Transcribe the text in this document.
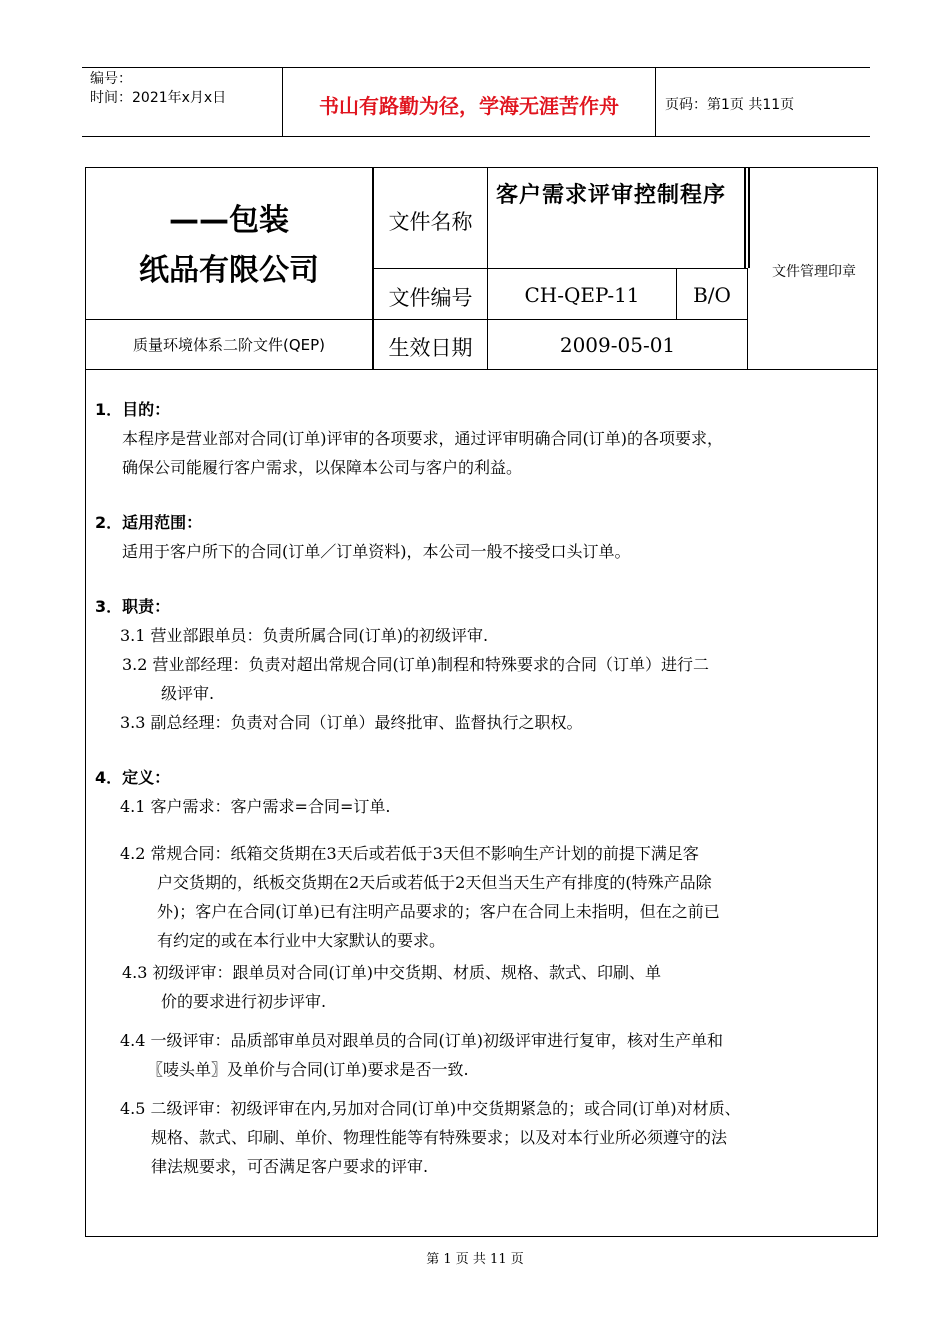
编号：
时间：2021年x月x日	书山有路勤为径，学海无涯苦作舟	页码：第1页 共11页
——包装
纸品有限公司
质量环境体系二阶文件(QEP)
文件名称
客户需求评审控制程序
文件编号	CH-QEP-11	B/O
生效日期	2009-05-01
文件管理印章

1．目的：

本程序是营业部对合同(订单)评审的各项要求，通过评审明确合同(订单)的各项要求，

确保公司能履行客户需求，以保障本公司与客户的利益。

2．适用范围：

适用于客户所下的合同(订单／订单资料)，本公司一般不接受口头订单。

3．职责：

3.1 营业部跟单员：负责所属合同(订单)的初级评审.

3.2 营业部经理：负责对超出常规合同(订单)制程和特殊要求的合同（订单）进行二

级评审.

3.3 副总经理：负责对合同（订单）最终批审、监督执行之职权。

4．定义：

4.1 客户需求：客户需求=合同=订单.

4.2 常规合同：纸箱交货期在3天后或若低于3天但不影响生产计划的前提下满足客

户交货期的，纸板交货期在2天后或若低于2天但当天生产有排度的(特殊产品除

外)；客户在合同(订单)已有注明产品要求的；客户在合同上未指明，但在之前已

有约定的或在本行业中大家默认的要求。

4.3 初级评审：跟单员对合同(订单)中交货期、材质、规格、款式、印刷、单

价的要求进行初步评审.

4.4 一级评审：品质部审单员对跟单员的合同(订单)初级评审进行复审，核对生产单和

〖唛头单〗及单价与合同(订单)要求是否一致.

4.5 二级评审：初级评审在内,另加对合同(订单)中交货期紧急的；或合同(订单)对材质、

规格、款式、印刷、单价、物理性能等有特殊要求；以及对本行业所必须遵守的法

律法规要求，可否满足客户要求的评审.

第 1 页 共 11 页
